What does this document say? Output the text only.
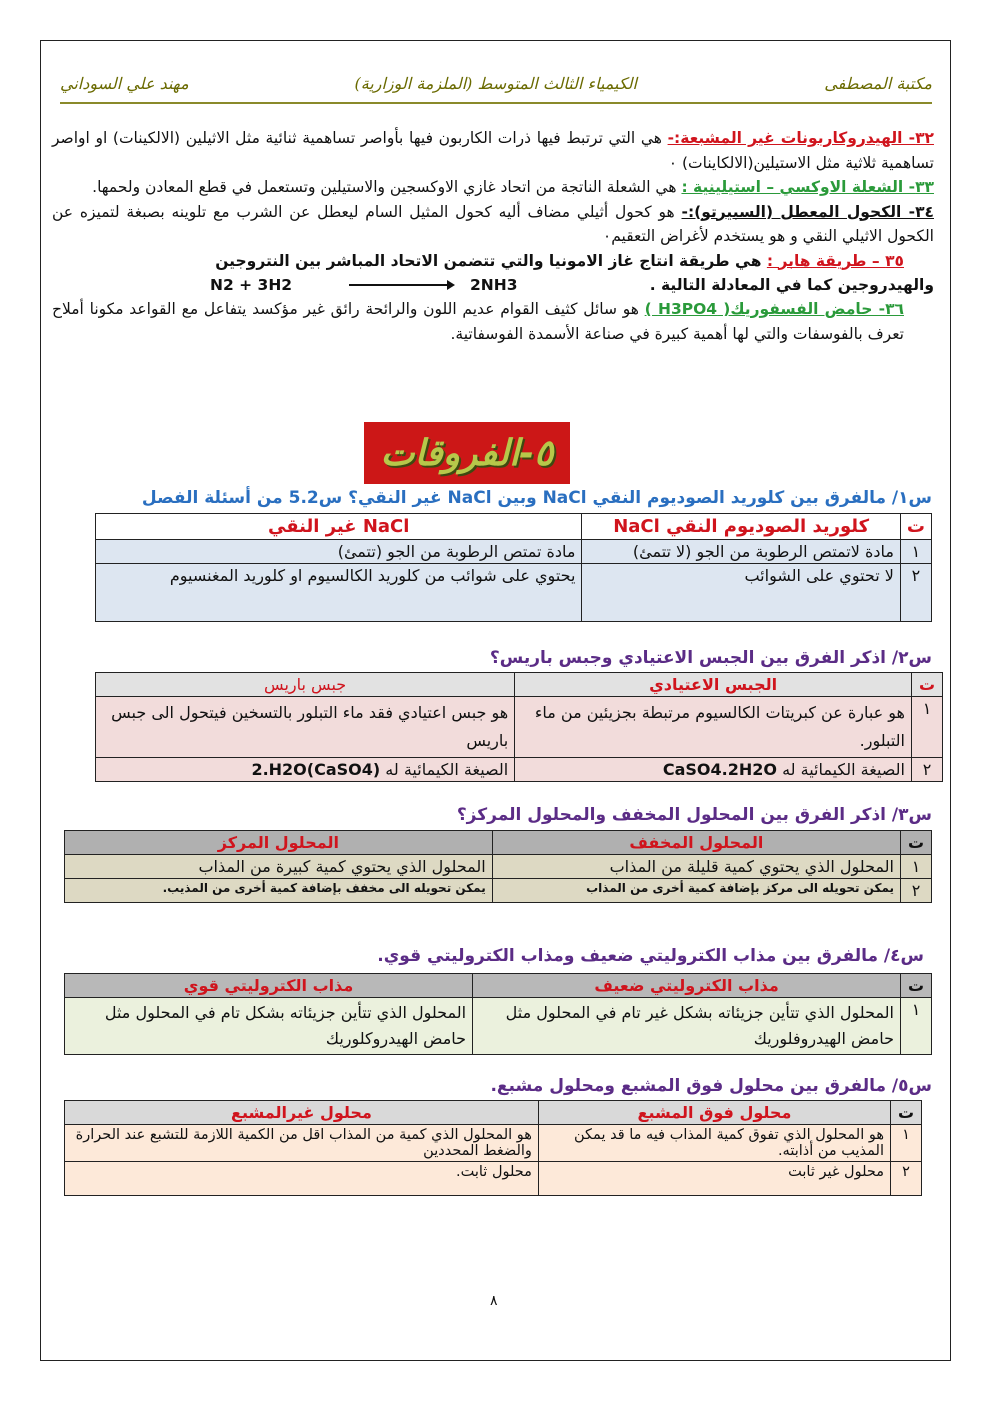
مكتبة المصطفى
الكيمياء الثالث المتوسط (الملزمة الوزارية)
مهند علي السوداني

٣٢- الهيدروكاربونات غير المشبعة:- هي التي ترتبط فيها ذرات الكاربون فيها بأواصر تساهمية ثنائية مثل الاثيلين (الالكينات) او اواصر تساهمية ثلاثية مثل الاستيلين(الالكاينات) ٠

٣٣- الشعلة الاوكسي – استيلينية : هي الشعلة الناتجة من اتحاد غازي الاوكسجين والاستيلين وتستعمل في قطع المعادن ولحمها.

٣٤- الكحول المعطل (السبيرتو):- هو كحول أثيلي مضاف أليه كحول المثيل السام ليعطل عن الشرب مع تلوينه بصبغة لتميزه عن الكحول الاثيلي النقي و هو يستخدم لأغراض التعقيم٠

٣٥ – طريقة هابر : هي طريقة انتاج غاز الامونيا والتي تتضمن الاتحاد المباشر بين النتروجين

والهيدروجين كما في المعادلة التالية .
N2 + 3H2	2NH3

٣٦- حامض الفسفوريك( H3PO4 ) هو سائل كثيف القوام عديم اللون والرائحة رائق غير مؤكسد يتفاعل مع القواعد مكونا أملاح تعرف بالفوسفات والتي لها أهمية كبيرة في صناعة الأسمدة الفوسفاتية.

٥-الفروقات
س١/ مالفرق بين كلوريد الصوديوم النقي NaCl وبين NaCl غير النقي؟ س5.2 من أسئلة الفصل
ت	كلوريد الصوديوم النقي NaCl	NaCl غير النقي
١	مادة لاتمتص الرطوبة من الجو (لا تتمئ)	مادة تمتص الرطوبة من الجو (تتمئ)
٢	لا تحتوي على الشوائب	يحتوي على شوائب من كلوريد الكالسيوم او كلوريد المغنسيوم
س٢/ اذكر الفرق بين الجبس الاعتيادي وجبس باريس؟
ت	الجبس الاعتيادي	جبس باريس
١	هو عبارة عن كبريتات الكالسيوم مرتبطة بجزيئين من ماء التبلور.	هو جبس اعتيادي فقد ماء التبلور بالتسخين فيتحول الى جبس باريس
٢	الصيغة الكيمائية له CaSO4.2H2O	الصيغة الكيمائية له (CaSO4)2.H2O
س٣/ اذكر الفرق بين المحلول المخفف والمحلول المركز؟
ت	المحلول المخفف	المحلول المركز
١	المحلول الذي يحتوي كمية قليلة من المذاب	المحلول الذي يحتوي كمية كبيرة من المذاب
٢	يمكن تحويله الى مركز بإضافة كمية أخرى من المذاب	يمكن تحويله الى مخفف بإضافة كمية أخرى من المذيب.
س٤/ مالفرق بين مذاب الكتروليتي ضعيف ومذاب الكتروليتي قوي.
ت	مذاب الكتروليتي ضعيف	مذاب الكتروليتي قوي
١	المحلول الذي تتأين جزيئاته بشكل غير تام في المحلول مثل حامض الهيدروفلوريك	المحلول الذي تتأين جزيئاته بشكل تام في المحلول مثل حامض الهيدروكلوريك
س٥/ مالفرق بين محلول فوق المشبع ومحلول مشبع.
ت	محلول فوق المشبع	محلول غيرالمشبع
١	هو المحلول الذي تفوق كمية المذاب فيه ما قد يمكن المذيب من أذابته.	هو المحلول الذي كمية من المذاب اقل من الكمية اللازمة للتشبع عند الحرارة والضغط المحددين
٢	محلول غير ثابت	محلول ثابت.
٨
